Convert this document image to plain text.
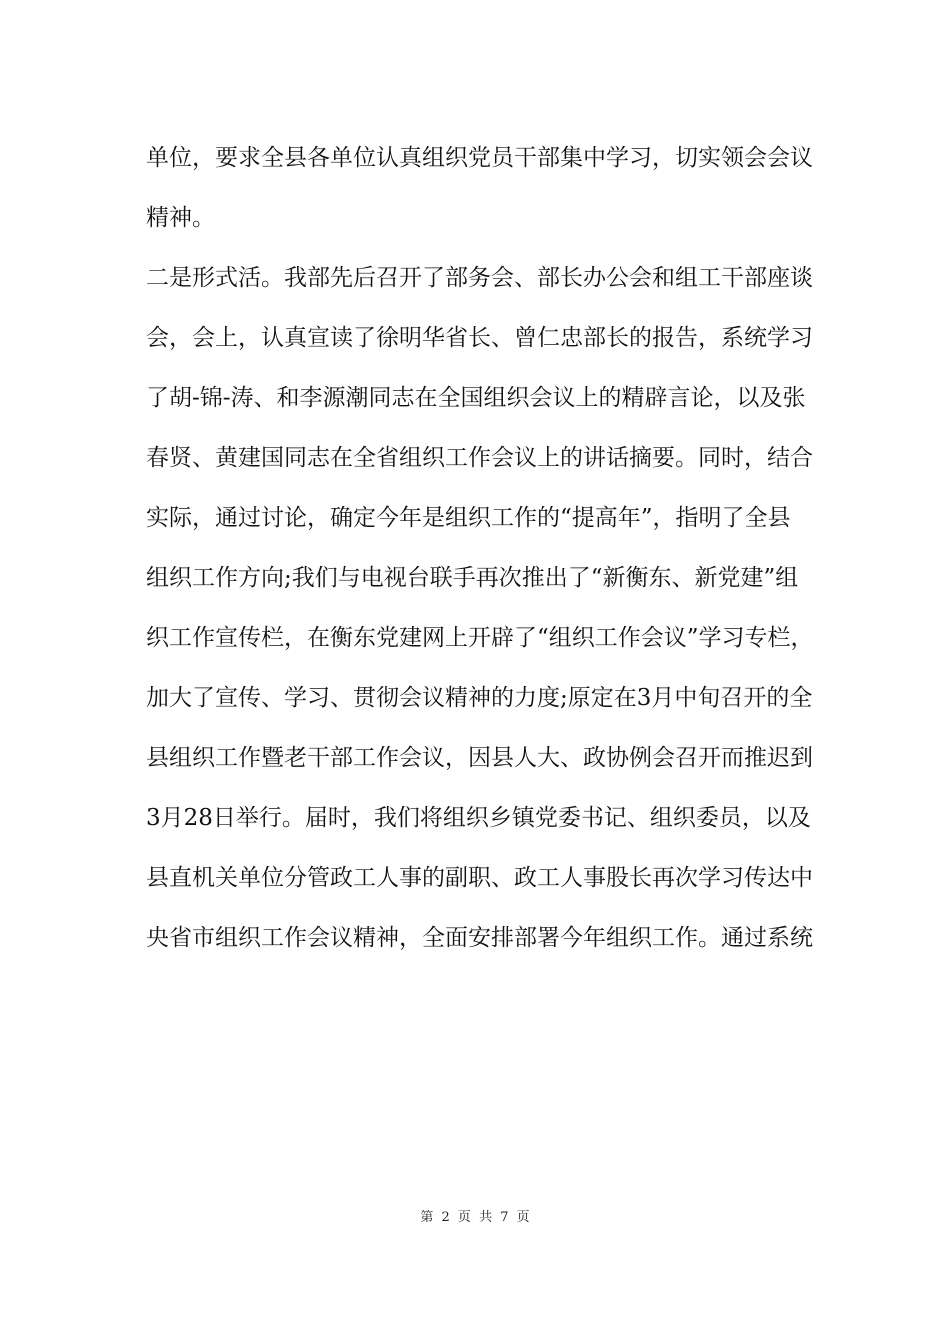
单位，要求全县各单位认真组织党员干部集中学习，切实领会会议
精神。
二是形式活。我部先后召开了部务会、部长办公会和组工干部座谈
会，会上，认真宣读了徐明华省长、曾仁忠部长的报告，系统学习
了胡-锦-涛、和李源潮同志在全国组织会议上的精辟言论，以及张
春贤、黄建国同志在全省组织工作会议上的讲话摘要。同时，结合
实际，通过讨论，确定今年是组织工作的“提高年”，指明了全县
组织工作方向;我们与电视台联手再次推出了“新衡东、新党建”组
织工作宣传栏，在衡东党建网上开辟了“组织工作会议”学习专栏，
加大了宣传、学习、贯彻会议精神的力度;原定在3月中旬召开的全
县组织工作暨老干部工作会议，因县人大、政协例会召开而推迟到
3月28日举行。届时，我们将组织乡镇党委书记、组织委员，以及
县直机关单位分管政工人事的副职、政工人事股长再次学习传达中
央省市组织工作会议精神，全面安排部署今年组织工作。通过系统
第 2 页 共 7 页
